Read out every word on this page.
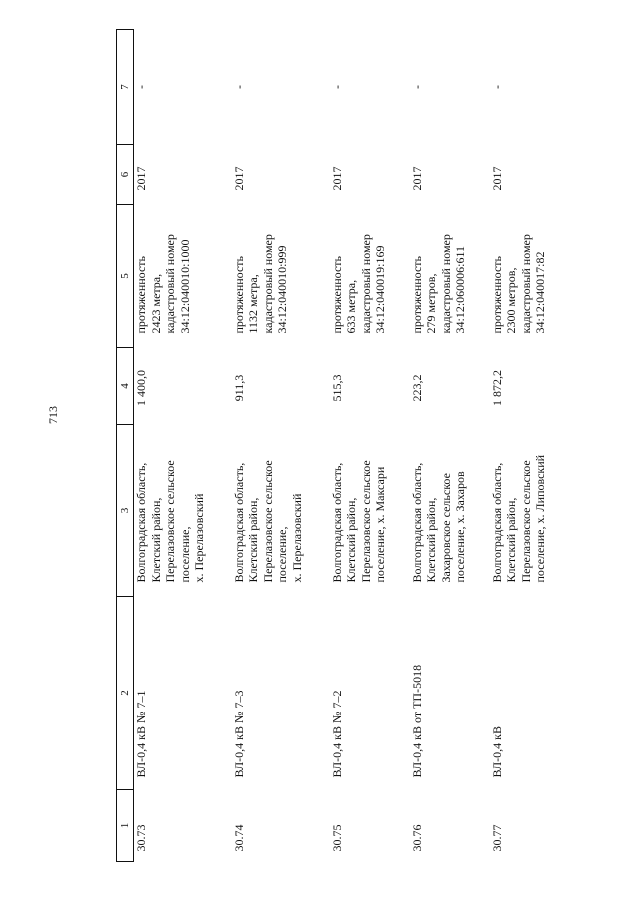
713
1	2	3	4	5	6	7
30.73	ВЛ-0,4 кВ № 7–1	Волгоградская область,
Клетский район,
Перелазовское сельское
поселение,
х. Перелазовский	1 400,0	протяженность
2423 метра,
кадастровый номер
34:12:040010:1000	2017	-
30.74	ВЛ-0,4 кВ № 7–3	Волгоградская область,
Клетский район,
Перелазовское сельское
поселение,
х. Перелазовский	911,3	протяженность
1132 метра,
кадастровый номер
34:12:040010:999	2017	-
30.75	ВЛ-0,4 кВ № 7–2	Волгоградская область,
Клетский район,
Перелазовское сельское
поселение, х. Максари	515,3	протяженность
633 метра,
кадастровый номер
34:12:040019:169	2017	-
30.76	ВЛ-0,4 кВ от ТП-5018	Волгоградская область,
Клетский район,
Захаровское сельское
поселение, х. Захаров	223,2	протяженность
279 метров,
кадастровый номер
34:12:060006:611	2017	-
30.77	ВЛ-0,4 кВ	Волгоградская область,
Клетский район,
Перелазовское сельское
поселение, х. Липовский	1 872,2	протяженность
2300 метров,
кадастровый номер
34:12:040017:82	2017	-
